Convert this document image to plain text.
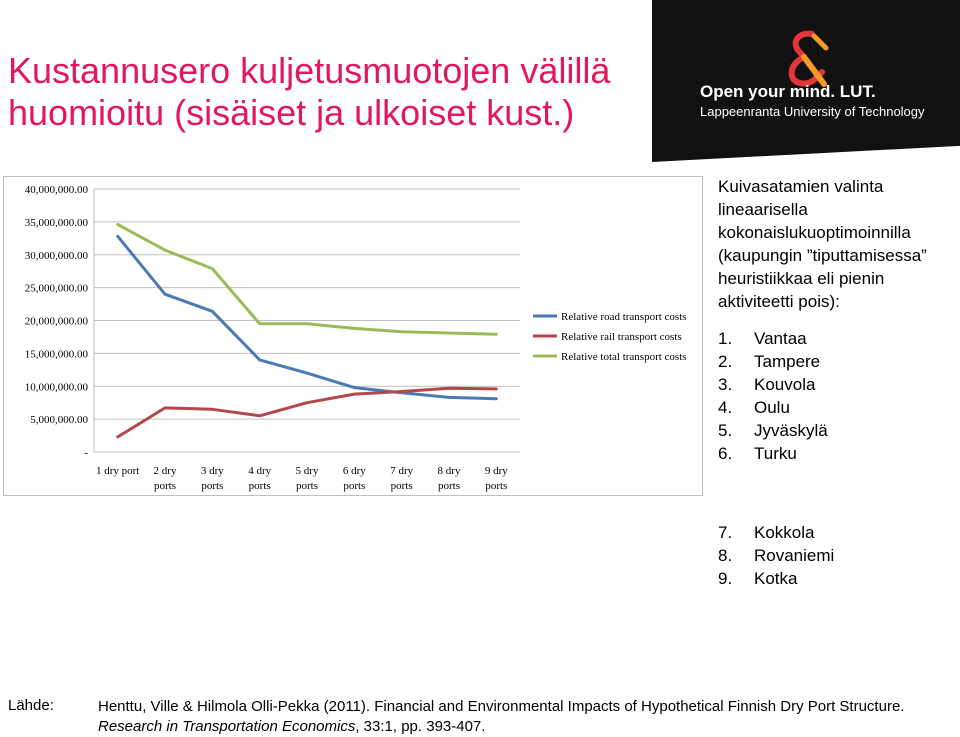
Kustannusero kuljetusmuotojen välillä
huomioitu (sisäiset ja ulkoiset kust.)
Open your mind. LUT.
Lappeenranta University of Technology
-
5,000,000.00
10,000,000.00
15,000,000.00
20,000,000.00
25,000,000.00
30,000,000.00
35,000,000.00
40,000,000.00
1 dry port 2 dry ports
3 dry ports
4 dry ports
5 dry ports
6 dry ports
7 dry ports
8 dry ports
9 dry ports
Relative road transport costs
Relative rail transport costs
Relative total transport costs

Kuivasatamien valinta lineaarisella kokonaislukuoptimoinnilla (kaupungin ”tiputtamisessa” heuristiikkaa eli pienin aktiviteetti pois):

1. Vantaa
2. Tampere
3. Kouvola
4. Oulu
5. Jyväskylä
6. Turku
7. Kokkola
8. Rovaniemi
9. Kotka
Lähde:	Henttu, Ville & Hilmola Olli-Pekka (2011). Financial and Environmental Impacts of Hypothetical Finnish Dry Port Structure. Research in Transportation Economics, 33:1, pp. 393-407.
